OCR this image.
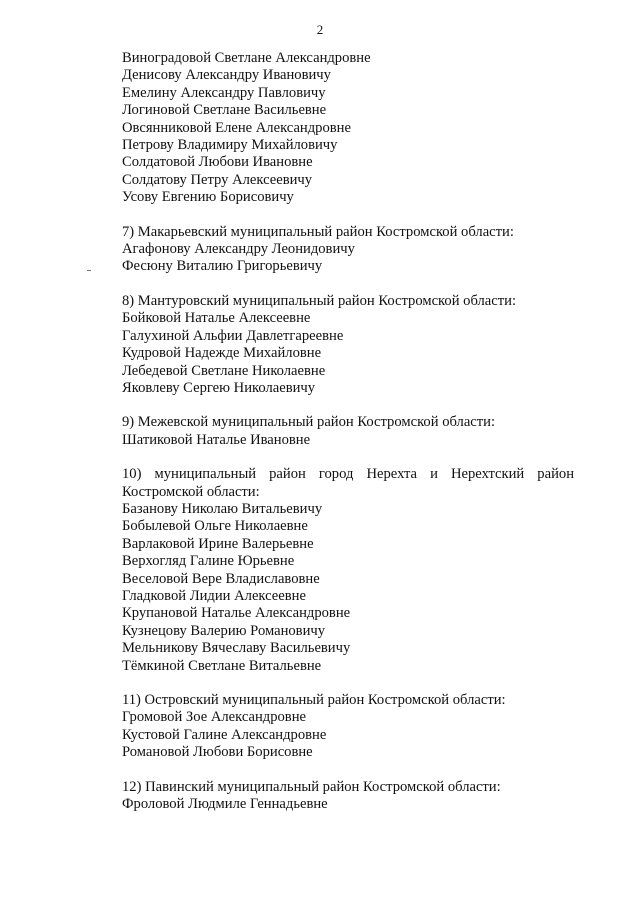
2
Виноградовой Светлане Александровне
Денисову Александру Ивановичу
Емелину Александру Павловичу
Логиновой Светлане Васильевне
Овсянниковой Елене Александровне
Петрову Владимиру Михайловичу
Солдатовой Любови Ивановне
Солдатову Петру Алексеевичу
Усову Евгению Борисовичу
7) Макарьевский муниципальный район Костромской области:
Агафонову Александру Леонидовичу
Фесюну Виталию Григорьевичу
8) Мантуровский муниципальный район Костромской области:
Бойковой Наталье Алексеевне
Галухиной Альфии Давлетгареевне
Кудровой Надежде Михайловне
Лебедевой Светлане Николаевне
Яковлеву Сергею Николаевичу
9) Межевской муниципальный район Костромской области:
Шатиковой Наталье Ивановне
10) муниципальный район город Нерехта и Нерехтский район
Костромской области:
Базанову Николаю Витальевичу
Бобылевой Ольге Николаевне
Варлаковой Ирине Валерьевне
Верхогляд Галине Юрьевне
Веселовой Вере Владиславовне
Гладковой Лидии Алексеевне
Крупановой Наталье Александровне
Кузнецову Валерию Романовичу
Мельникову Вячеславу Васильевичу
Тёмкиной Светлане Витальевне
11) Островский муниципальный район Костромской области:
Громовой Зое Александровне
Кустовой Галине Александровне
Романовой Любови Борисовне
12) Павинский муниципальный район Костромской области:
Фроловой Людмиле Геннадьевне
